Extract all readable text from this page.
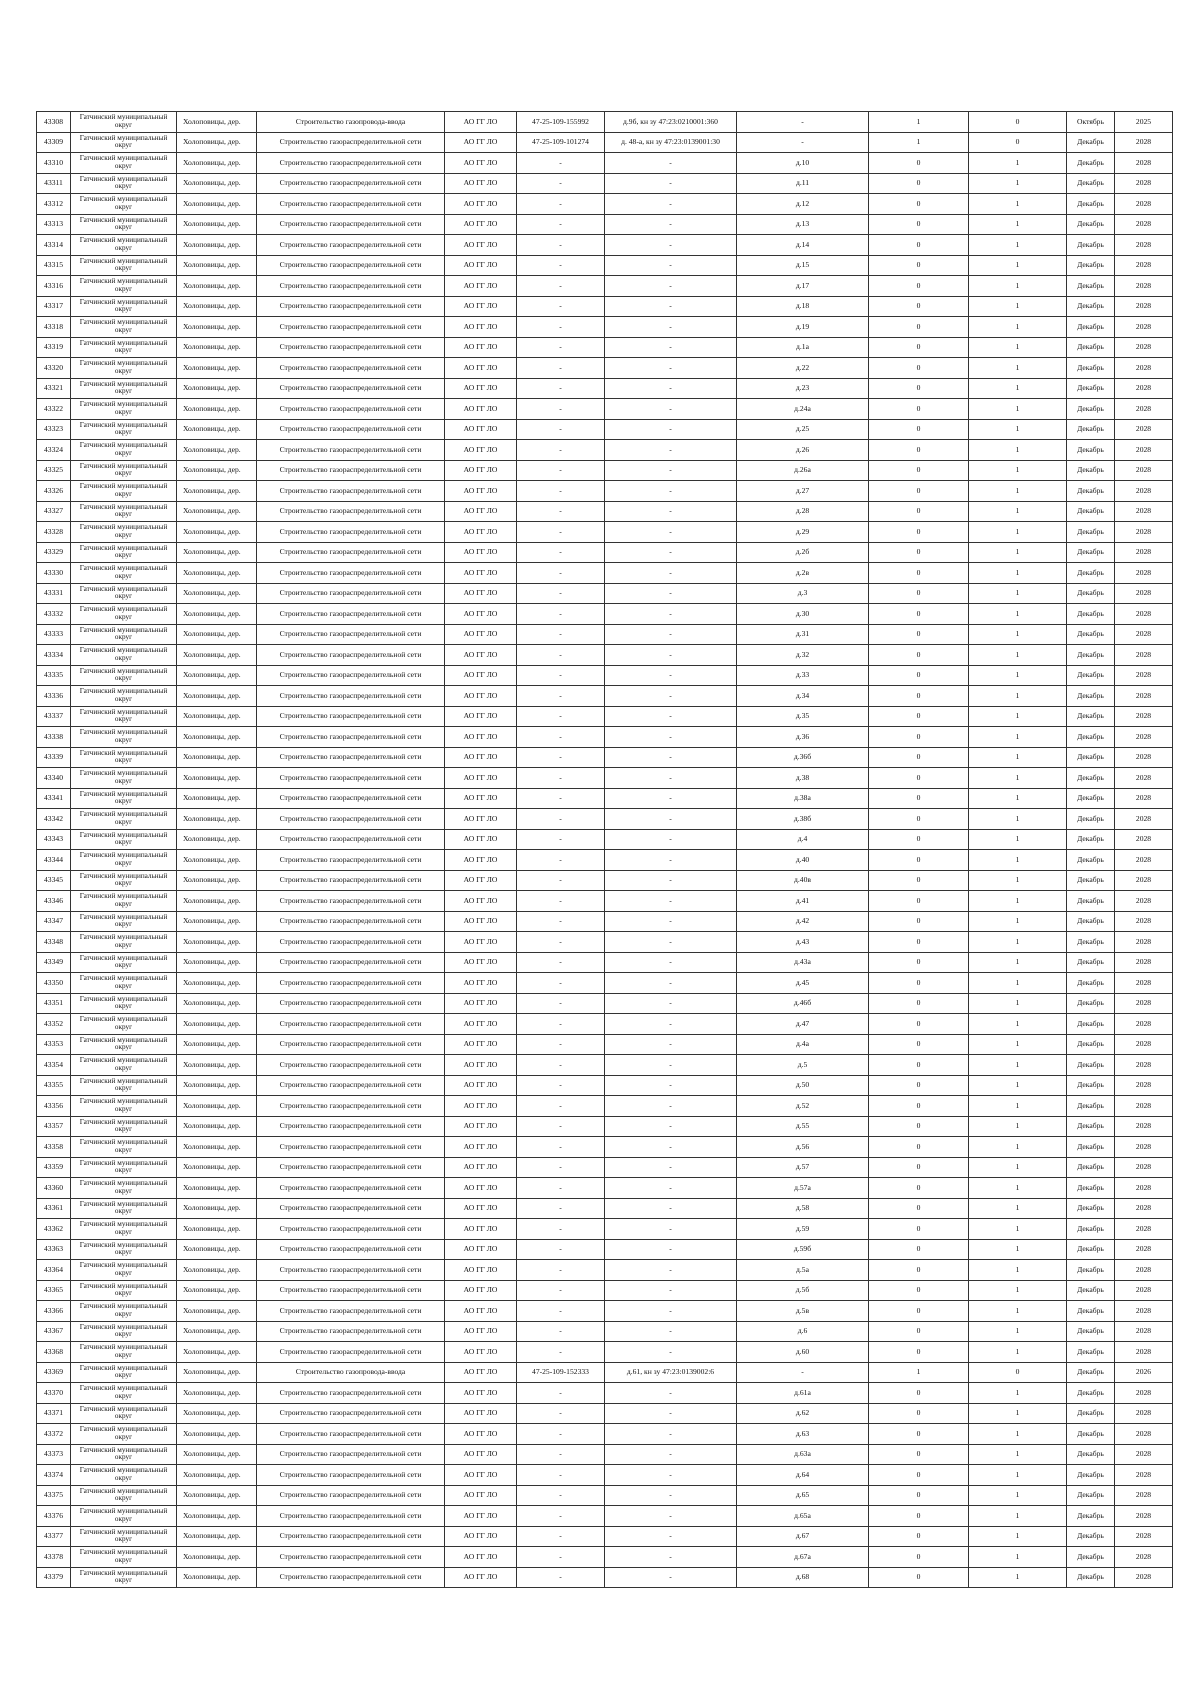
43308	Гатчинский муниципальный округ	Холоповицы, дер.	Строительство газопровода-ввода	АО ГГ ЛО	47-25-109-155992	д.9б, кн зу 47:23:0210001:360	-	1	0	Октябрь	2025
43309	Гатчинский муниципальный округ	Холоповицы, дер.	Строительство газораспределительной сети	АО ГГ ЛО	47-25-109-101274	д. 48-а, кн зу 47:23:0139001:30	-	1	0	Декабрь	2028
43310	Гатчинский муниципальный округ	Холоповицы, дер.	Строительство газораспределительной сети	АО ГГ ЛО	-	-	д.10	0	1	Декабрь	2028
43311	Гатчинский муниципальный округ	Холоповицы, дер.	Строительство газораспределительной сети	АО ГГ ЛО	-	-	д.11	0	1	Декабрь	2028
43312	Гатчинский муниципальный округ	Холоповицы, дер.	Строительство газораспределительной сети	АО ГГ ЛО	-	-	д.12	0	1	Декабрь	2028
43313	Гатчинский муниципальный округ	Холоповицы, дер.	Строительство газораспределительной сети	АО ГГ ЛО	-	-	д.13	0	1	Декабрь	2028
43314	Гатчинский муниципальный округ	Холоповицы, дер.	Строительство газораспределительной сети	АО ГГ ЛО	-	-	д.14	0	1	Декабрь	2028
43315	Гатчинский муниципальный округ	Холоповицы, дер.	Строительство газораспределительной сети	АО ГГ ЛО	-	-	д.15	0	1	Декабрь	2028
43316	Гатчинский муниципальный округ	Холоповицы, дер.	Строительство газораспределительной сети	АО ГГ ЛО	-	-	д.17	0	1	Декабрь	2028
43317	Гатчинский муниципальный округ	Холоповицы, дер.	Строительство газораспределительной сети	АО ГГ ЛО	-	-	д.18	0	1	Декабрь	2028
43318	Гатчинский муниципальный округ	Холоповицы, дер.	Строительство газораспределительной сети	АО ГГ ЛО	-	-	д.19	0	1	Декабрь	2028
43319	Гатчинский муниципальный округ	Холоповицы, дер.	Строительство газораспределительной сети	АО ГГ ЛО	-	-	д.1а	0	1	Декабрь	2028
43320	Гатчинский муниципальный округ	Холоповицы, дер.	Строительство газораспределительной сети	АО ГГ ЛО	-	-	д.22	0	1	Декабрь	2028
43321	Гатчинский муниципальный округ	Холоповицы, дер.	Строительство газораспределительной сети	АО ГГ ЛО	-	-	д.23	0	1	Декабрь	2028
43322	Гатчинский муниципальный округ	Холоповицы, дер.	Строительство газораспределительной сети	АО ГГ ЛО	-	-	д.24а	0	1	Декабрь	2028
43323	Гатчинский муниципальный округ	Холоповицы, дер.	Строительство газораспределительной сети	АО ГГ ЛО	-	-	д.25	0	1	Декабрь	2028
43324	Гатчинский муниципальный округ	Холоповицы, дер.	Строительство газораспределительной сети	АО ГГ ЛО	-	-	д.26	0	1	Декабрь	2028
43325	Гатчинский муниципальный округ	Холоповицы, дер.	Строительство газораспределительной сети	АО ГГ ЛО	-	-	д.26а	0	1	Декабрь	2028
43326	Гатчинский муниципальный округ	Холоповицы, дер.	Строительство газораспределительной сети	АО ГГ ЛО	-	-	д.27	0	1	Декабрь	2028
43327	Гатчинский муниципальный округ	Холоповицы, дер.	Строительство газораспределительной сети	АО ГГ ЛО	-	-	д.28	0	1	Декабрь	2028
43328	Гатчинский муниципальный округ	Холоповицы, дер.	Строительство газораспределительной сети	АО ГГ ЛО	-	-	д.29	0	1	Декабрь	2028
43329	Гатчинский муниципальный округ	Холоповицы, дер.	Строительство газораспределительной сети	АО ГГ ЛО	-	-	д.2б	0	1	Декабрь	2028
43330	Гатчинский муниципальный округ	Холоповицы, дер.	Строительство газораспределительной сети	АО ГГ ЛО	-	-	д.2в	0	1	Декабрь	2028
43331	Гатчинский муниципальный округ	Холоповицы, дер.	Строительство газораспределительной сети	АО ГГ ЛО	-	-	д.3	0	1	Декабрь	2028
43332	Гатчинский муниципальный округ	Холоповицы, дер.	Строительство газораспределительной сети	АО ГГ ЛО	-	-	д.30	0	1	Декабрь	2028
43333	Гатчинский муниципальный округ	Холоповицы, дер.	Строительство газораспределительной сети	АО ГГ ЛО	-	-	д.31	0	1	Декабрь	2028
43334	Гатчинский муниципальный округ	Холоповицы, дер.	Строительство газораспределительной сети	АО ГГ ЛО	-	-	д.32	0	1	Декабрь	2028
43335	Гатчинский муниципальный округ	Холоповицы, дер.	Строительство газораспределительной сети	АО ГГ ЛО	-	-	д.33	0	1	Декабрь	2028
43336	Гатчинский муниципальный округ	Холоповицы, дер.	Строительство газораспределительной сети	АО ГГ ЛО	-	-	д.34	0	1	Декабрь	2028
43337	Гатчинский муниципальный округ	Холоповицы, дер.	Строительство газораспределительной сети	АО ГГ ЛО	-	-	д.35	0	1	Декабрь	2028
43338	Гатчинский муниципальный округ	Холоповицы, дер.	Строительство газораспределительной сети	АО ГГ ЛО	-	-	д.36	0	1	Декабрь	2028
43339	Гатчинский муниципальный округ	Холоповицы, дер.	Строительство газораспределительной сети	АО ГГ ЛО	-	-	д.36б	0	1	Декабрь	2028
43340	Гатчинский муниципальный округ	Холоповицы, дер.	Строительство газораспределительной сети	АО ГГ ЛО	-	-	д.38	0	1	Декабрь	2028
43341	Гатчинский муниципальный округ	Холоповицы, дер.	Строительство газораспределительной сети	АО ГГ ЛО	-	-	д.38а	0	1	Декабрь	2028
43342	Гатчинский муниципальный округ	Холоповицы, дер.	Строительство газораспределительной сети	АО ГГ ЛО	-	-	д.38б	0	1	Декабрь	2028
43343	Гатчинский муниципальный округ	Холоповицы, дер.	Строительство газораспределительной сети	АО ГГ ЛО	-	-	д.4	0	1	Декабрь	2028
43344	Гатчинский муниципальный округ	Холоповицы, дер.	Строительство газораспределительной сети	АО ГГ ЛО	-	-	д.40	0	1	Декабрь	2028
43345	Гатчинский муниципальный округ	Холоповицы, дер.	Строительство газораспределительной сети	АО ГГ ЛО	-	-	д.40в	0	1	Декабрь	2028
43346	Гатчинский муниципальный округ	Холоповицы, дер.	Строительство газораспределительной сети	АО ГГ ЛО	-	-	д.41	0	1	Декабрь	2028
43347	Гатчинский муниципальный округ	Холоповицы, дер.	Строительство газораспределительной сети	АО ГГ ЛО	-	-	д.42	0	1	Декабрь	2028
43348	Гатчинский муниципальный округ	Холоповицы, дер.	Строительство газораспределительной сети	АО ГГ ЛО	-	-	д.43	0	1	Декабрь	2028
43349	Гатчинский муниципальный округ	Холоповицы, дер.	Строительство газораспределительной сети	АО ГГ ЛО	-	-	д.43а	0	1	Декабрь	2028
43350	Гатчинский муниципальный округ	Холоповицы, дер.	Строительство газораспределительной сети	АО ГГ ЛО	-	-	д.45	0	1	Декабрь	2028
43351	Гатчинский муниципальный округ	Холоповицы, дер.	Строительство газораспределительной сети	АО ГГ ЛО	-	-	д.46б	0	1	Декабрь	2028
43352	Гатчинский муниципальный округ	Холоповицы, дер.	Строительство газораспределительной сети	АО ГГ ЛО	-	-	д.47	0	1	Декабрь	2028
43353	Гатчинский муниципальный округ	Холоповицы, дер.	Строительство газораспределительной сети	АО ГГ ЛО	-	-	д.4а	0	1	Декабрь	2028
43354	Гатчинский муниципальный округ	Холоповицы, дер.	Строительство газораспределительной сети	АО ГГ ЛО	-	-	д.5	0	1	Декабрь	2028
43355	Гатчинский муниципальный округ	Холоповицы, дер.	Строительство газораспределительной сети	АО ГГ ЛО	-	-	д.50	0	1	Декабрь	2028
43356	Гатчинский муниципальный округ	Холоповицы, дер.	Строительство газораспределительной сети	АО ГГ ЛО	-	-	д.52	0	1	Декабрь	2028
43357	Гатчинский муниципальный округ	Холоповицы, дер.	Строительство газораспределительной сети	АО ГГ ЛО	-	-	д.55	0	1	Декабрь	2028
43358	Гатчинский муниципальный округ	Холоповицы, дер.	Строительство газораспределительной сети	АО ГГ ЛО	-	-	д.56	0	1	Декабрь	2028
43359	Гатчинский муниципальный округ	Холоповицы, дер.	Строительство газораспределительной сети	АО ГГ ЛО	-	-	д.57	0	1	Декабрь	2028
43360	Гатчинский муниципальный округ	Холоповицы, дер.	Строительство газораспределительной сети	АО ГГ ЛО	-	-	д.57а	0	1	Декабрь	2028
43361	Гатчинский муниципальный округ	Холоповицы, дер.	Строительство газораспределительной сети	АО ГГ ЛО	-	-	д.58	0	1	Декабрь	2028
43362	Гатчинский муниципальный округ	Холоповицы, дер.	Строительство газораспределительной сети	АО ГГ ЛО	-	-	д.59	0	1	Декабрь	2028
43363	Гатчинский муниципальный округ	Холоповицы, дер.	Строительство газораспределительной сети	АО ГГ ЛО	-	-	д.59б	0	1	Декабрь	2028
43364	Гатчинский муниципальный округ	Холоповицы, дер.	Строительство газораспределительной сети	АО ГГ ЛО	-	-	д.5а	0	1	Декабрь	2028
43365	Гатчинский муниципальный округ	Холоповицы, дер.	Строительство газораспределительной сети	АО ГГ ЛО	-	-	д.5б	0	1	Декабрь	2028
43366	Гатчинский муниципальный округ	Холоповицы, дер.	Строительство газораспределительной сети	АО ГГ ЛО	-	-	д.5в	0	1	Декабрь	2028
43367	Гатчинский муниципальный округ	Холоповицы, дер.	Строительство газораспределительной сети	АО ГГ ЛО	-	-	д.6	0	1	Декабрь	2028
43368	Гатчинский муниципальный округ	Холоповицы, дер.	Строительство газораспределительной сети	АО ГГ ЛО	-	-	д.60	0	1	Декабрь	2028
43369	Гатчинский муниципальный округ	Холоповицы, дер.	Строительство газопровода-ввода	АО ГГ ЛО	47-25-109-152333	д.61, кн зу 47:23:0139002:6	-	1	0	Декабрь	2026
43370	Гатчинский муниципальный округ	Холоповицы, дер.	Строительство газораспределительной сети	АО ГГ ЛО	-	-	д.61а	0	1	Декабрь	2028
43371	Гатчинский муниципальный округ	Холоповицы, дер.	Строительство газораспределительной сети	АО ГГ ЛО	-	-	д.62	0	1	Декабрь	2028
43372	Гатчинский муниципальный округ	Холоповицы, дер.	Строительство газораспределительной сети	АО ГГ ЛО	-	-	д.63	0	1	Декабрь	2028
43373	Гатчинский муниципальный округ	Холоповицы, дер.	Строительство газораспределительной сети	АО ГГ ЛО	-	-	д.63а	0	1	Декабрь	2028
43374	Гатчинский муниципальный округ	Холоповицы, дер.	Строительство газораспределительной сети	АО ГГ ЛО	-	-	д.64	0	1	Декабрь	2028
43375	Гатчинский муниципальный округ	Холоповицы, дер.	Строительство газораспределительной сети	АО ГГ ЛО	-	-	д.65	0	1	Декабрь	2028
43376	Гатчинский муниципальный округ	Холоповицы, дер.	Строительство газораспределительной сети	АО ГГ ЛО	-	-	д.65а	0	1	Декабрь	2028
43377	Гатчинский муниципальный округ	Холоповицы, дер.	Строительство газораспределительной сети	АО ГГ ЛО	-	-	д.67	0	1	Декабрь	2028
43378	Гатчинский муниципальный округ	Холоповицы, дер.	Строительство газораспределительной сети	АО ГГ ЛО	-	-	д.67а	0	1	Декабрь	2028
43379	Гатчинский муниципальный округ	Холоповицы, дер.	Строительство газораспределительной сети	АО ГГ ЛО	-	-	д.68	0	1	Декабрь	2028
